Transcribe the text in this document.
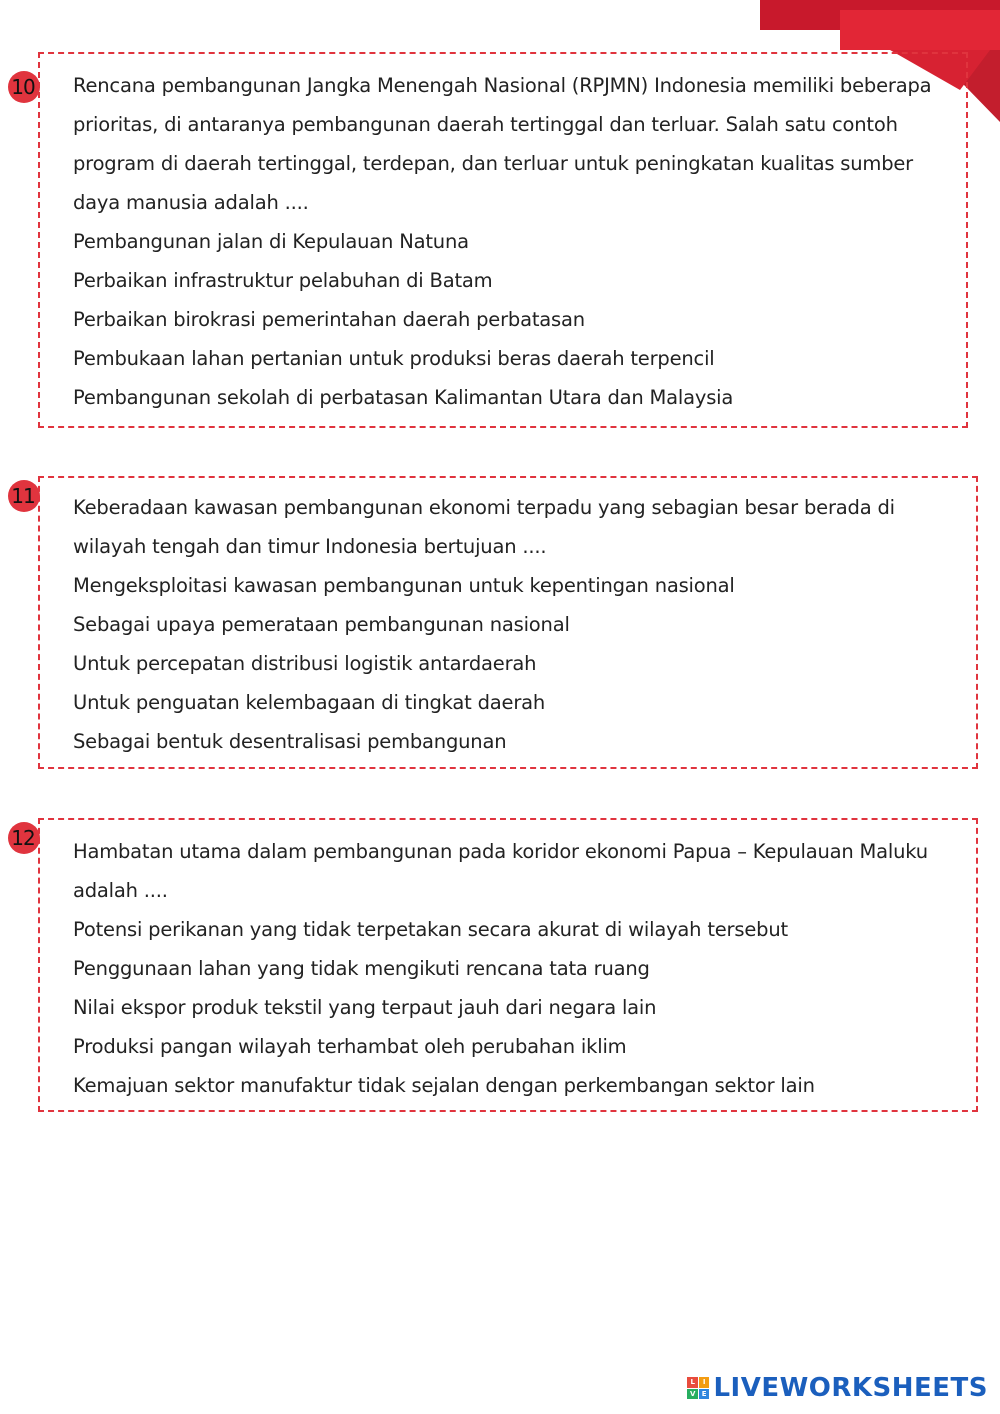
10 Rencana pembangunan Jangka Menengah Nasional (RPJMN) Indonesia memiliki beberapa prioritas, di antaranya pembangunan daerah tertinggal dan terluar. Salah satu contoh program di daerah tertinggal, terdepan, dan terluar untuk peningkatan kualitas sumber daya manusia adalah ....

Pembangunan jalan di Kepulauan Natuna
Perbaikan infrastruktur pelabuhan di Batam
Perbaikan birokrasi pemerintahan daerah perbatasan
Pembukaan lahan pertanian untuk produksi beras daerah terpencil
Pembangunan sekolah di perbatasan Kalimantan Utara dan Malaysia
11 Keberadaan kawasan pembangunan ekonomi terpadu yang sebagian besar berada di wilayah tengah dan timur Indonesia bertujuan ....

Mengeksploitasi kawasan pembangunan untuk kepentingan nasional
Sebagai upaya pemerataan pembangunan nasional
Untuk percepatan distribusi logistik antardaerah
Untuk penguatan kelembagaan di tingkat daerah
Sebagai bentuk desentralisasi pembangunan
12

Hambatan utama dalam pembangunan pada koridor ekonomi Papua – Kepulauan Maluku adalah ....

Potensi perikanan yang tidak terpetakan secara akurat di wilayah tersebut
Penggunaan lahan yang tidak mengikuti rencana tata ruang
Nilai ekspor produk tekstil yang terpaut jauh dari negara lain
Produksi pangan wilayah terhambat oleh perubahan iklim
Kemajuan sektor manufaktur tidak sejalan dengan perkembangan sektor lain
L	I
V E LIVEWORKSHEETS
